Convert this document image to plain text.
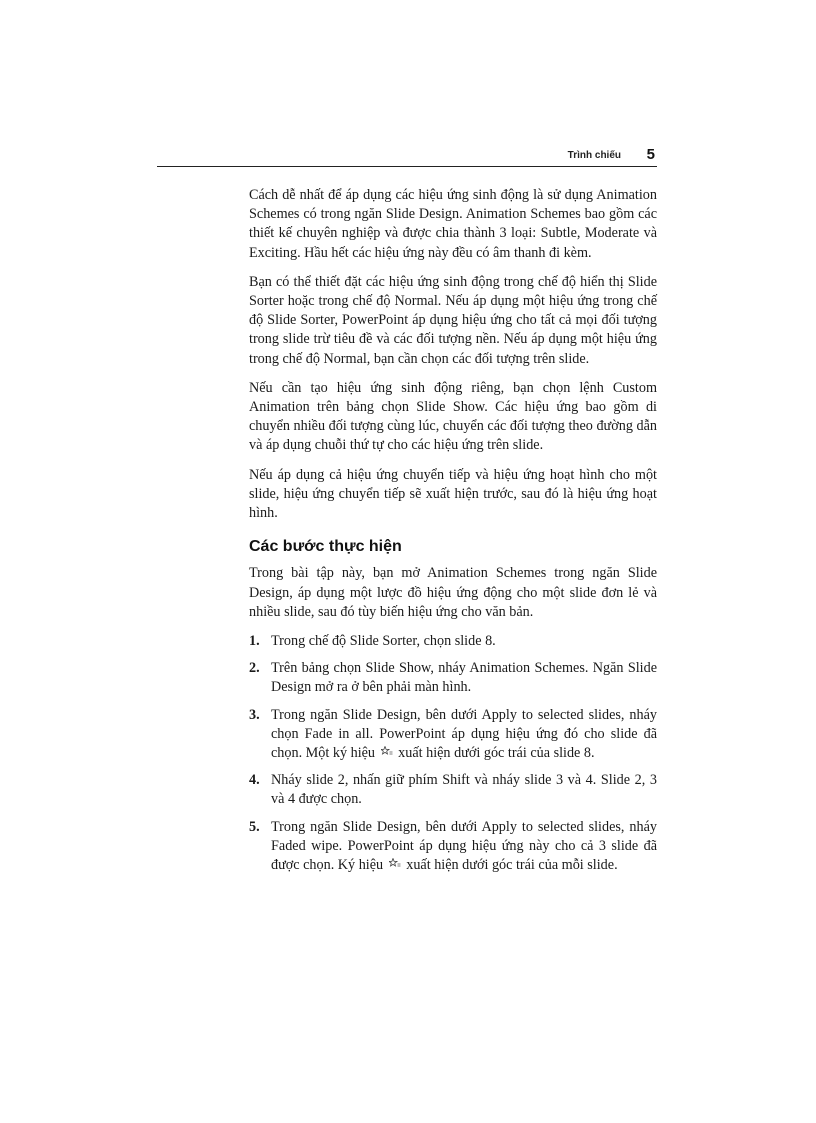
Trình chiếu 5

Cách dễ nhất để áp dụng các hiệu ứng sinh động là sử dụng Animation Schemes có trong ngăn Slide Design. Animation Schemes bao gồm các thiết kế chuyên nghiệp và được chia thành 3 loại: Subtle, Moderate và Exciting. Hầu hết các hiệu ứng này đều có âm thanh đi kèm.

Bạn có thể thiết đặt các hiệu ứng sinh động trong chế độ hiển thị Slide Sorter hoặc trong chế độ Normal. Nếu áp dụng một hiệu ứng trong chế độ Slide Sorter, PowerPoint áp dụng hiệu ứng cho tất cả mọi đối tượng trong slide trừ tiêu đề và các đối tượng nền. Nếu áp dụng một hiệu ứng trong chế độ Normal, bạn cần chọn các đối tượng trên slide.

Nếu cần tạo hiệu ứng sinh động riêng, bạn chọn lệnh Custom Animation trên bảng chọn Slide Show. Các hiệu ứng bao gồm di chuyển nhiều đối tượng cùng lúc, chuyển các đối tượng theo đường dẫn và áp dụng chuỗi thứ tự cho các hiệu ứng trên slide.

Nếu áp dụng cả hiệu ứng chuyển tiếp và hiệu ứng hoạt hình cho một slide, hiệu ứng chuyển tiếp sẽ xuất hiện trước, sau đó là hiệu ứng hoạt hình.

Các bước thực hiện

Trong bài tập này, bạn mở Animation Schemes trong ngăn Slide Design, áp dụng một lược đồ hiệu ứng động cho một slide đơn lẻ và nhiều slide, sau đó tùy biến hiệu ứng cho văn bản.

1. Trong chế độ Slide Sorter, chọn slide 8.
2. Trên bảng chọn Slide Show, nháy Animation Schemes. Ngăn Slide Design mở ra ở bên phải màn hình.
3. Trong ngăn Slide Design, bên dưới Apply to selected slides, nháy chọn Fade in all. PowerPoint áp dụng hiệu ứng đó cho slide đã chọn. Một ký hiệu xuất hiện dưới góc trái của slide 8.
4. Nháy slide 2, nhấn giữ phím Shift và nháy slide 3 và 4. Slide 2, 3 và 4 được chọn.
5. Trong ngăn Slide Design, bên dưới Apply to selected slides, nháy Faded wipe. PowerPoint áp dụng hiệu ứng này cho cả 3 slide đã được chọn. Ký hiệu xuất hiện dưới góc trái của mỗi slide.
